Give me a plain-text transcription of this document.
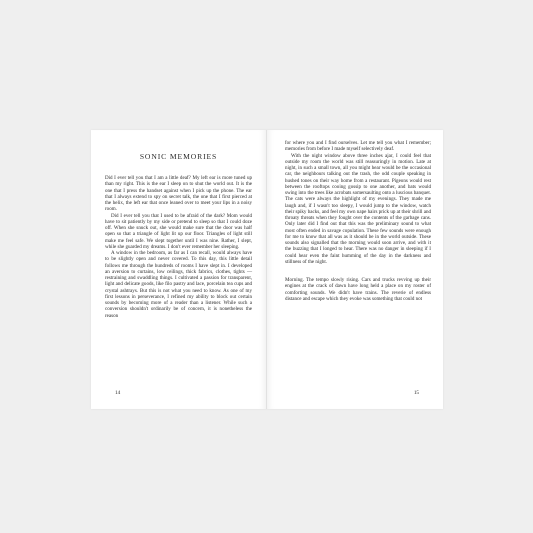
SONIC MEMORIES

Did I ever tell you that I am a little deaf? My left ear is more tuned up than my right. This is the ear I sleep on to shut the world out. It is the one that I press the handset against when I pick up the phone. The ear that I always extend to spy on secret talk, the one that I first pierced at the helix, the left ear that once leaned over to meet your lips in a noisy room.

Did I ever tell you that I used to be afraid of the dark? Mom would have to sit patiently by my side or pretend to sleep so that I could doze off. When she snuck out, she would make sure that the door was half open so that a triangle of light lit up our floor. Triangles of light still make me feel safe. We slept together until I was nine. Rather, I slept, while she guarded my dreams. I don't ever remember her sleeping.

A window in the bedroom, as far as I can recall, would always have to be slightly open and never covered. To this day, this little detail follows me through the hundreds of rooms I have slept in. I developed an aversion to curtains, low ceilings, thick fabrics, clothes, tights — restraining and swaddling things. I cultivated a passion for transparent, light and delicate goods, like filo pastry and lace, porcelain tea cups and crystal ashtrays. But this is not what you need to know. As one of my first lessons in perseverance, I refined my ability to block out certain sounds by becoming more of a reader than a listener. While such a conversion shouldn't ordinarily be of concern, it is nonetheless the reason

14

for where you and I find ourselves. Let me tell you what I remember; memories from before I made myself selectively deaf.

With the night window above three inches ajar, I could feel that outside my room the world was still reassuringly in motion. Late at night, in such a small town, all you might hear would be the occasional car, the neighbours talking out the trash, the odd couple speaking in hushed tones on their way home from a restaurant. Pigeons would rest between the rooftops cooing gossip to one another, and bats would swing into the trees like acrobats somersaulting onto a luscious banquet. The cats were always the highlight of my evenings. They made me laugh and, if I wasn't too sleepy, I would jump to the window, watch their spiky backs, and feel my own nape hairs prick up at their shrill and throaty threats when they fought over the contents of the garbage cans. Only later did I find out that this was the preliminary sound to what most often ended in savage copulation. These few sounds were enough for me to know that all was as it should be in the world outside. These sounds also signalled that the morning would soon arrive, and with it the buzzing that I longed to hear. There was no danger in sleeping if I could hear even the faint humming of the day in the darkness and stillness of the night.

Morning. The tempo slowly rising. Cars and trucks revving up their engines at the crack of dawn have long held a place on my roster of comforting sounds. We didn't have trains. The reverie of endless distance and escape which they evoke was something that could not

15
